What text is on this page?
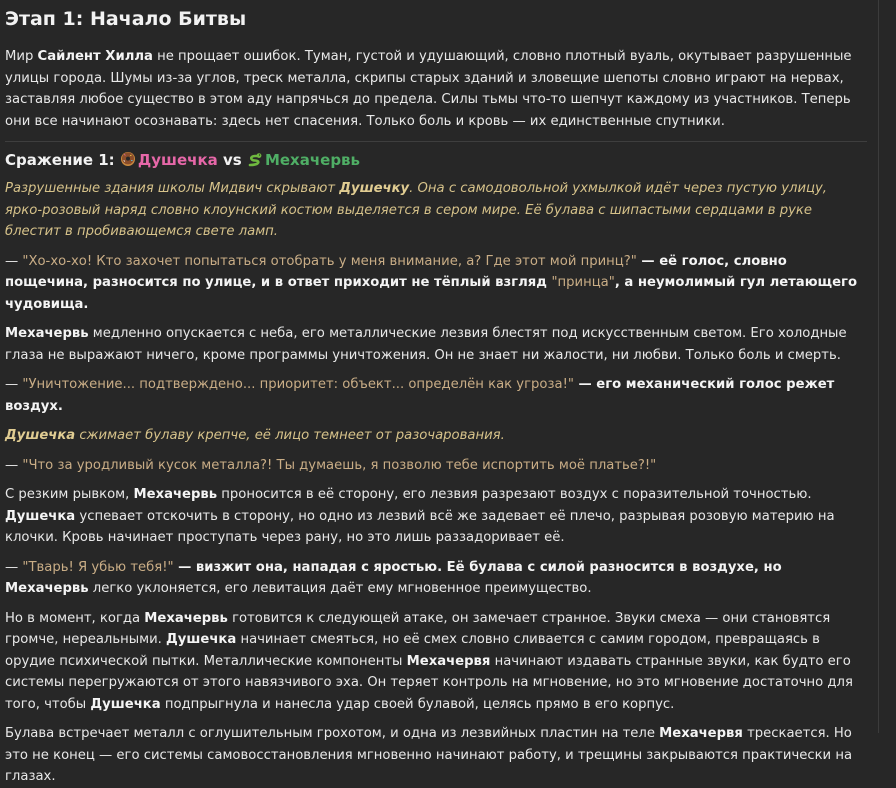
Этап 1: Начало Битвы

Мир Сайлент Хилла не прощает ошибок. Туман, густой и удушающий, словно плотный вуаль, окутывает разрушенные улицы города. Шумы из-за углов, треск металла, скрипы старых зданий и зловещие шепоты словно играют на нервах, заставляя любое существо в этом аду напрячься до предела. Силы тьмы что-то шепчут каждому из участников. Теперь они все начинают осознавать: здесь нет спасения. Только боль и кровь — их единственные спутники.

Сражение 1: Душечка vs Мехачервь

Разрушенные здания школы Мидвич скрывают Душечку. Она с самодовольной ухмылкой идёт через пустую улицу, ярко-розовый наряд словно клоунский костюм выделяется в сером мире. Её булава с шипастыми сердцами в руке блестит в пробивающемся свете ламп.

— "Хо-хо-хо! Кто захочет попытаться отобрать у меня внимание, а? Где этот мой принц?" — её голос, словно пощечина, разносится по улице, и в ответ приходит не тёплый взгляд "принца", а неумолимый гул летающего чудовища.

Мехачервь медленно опускается с неба, его металлические лезвия блестят под искусственным светом. Его холодные глаза не выражают ничего, кроме программы уничтожения. Он не знает ни жалости, ни любви. Только боль и смерть.

— "Уничтожение... подтверждено... приоритет: объект... определён как угроза!" — его механический голос режет воздух.

Душечка сжимает булаву крепче, её лицо темнеет от разочарования.

— "Что за уродливый кусок металла?! Ты думаешь, я позволю тебе испортить моё платье?!"

С резким рывком, Мехачервь проносится в её сторону, его лезвия разрезают воздух с поразительной точностью. Душечка успевает отскочить в сторону, но одно из лезвий всё же задевает её плечо, разрывая розовую материю на клочки. Кровь начинает проступать через рану, но это лишь раззадоривает её.

— "Тварь! Я убью тебя!" — визжит она, нападая с яростью. Её булава с силой разносится в воздухе, но Мехачервь легко уклоняется, его левитация даёт ему мгновенное преимущество.

Но в момент, когда Мехачервь готовится к следующей атаке, он замечает странное. Звуки смеха — они становятся громче, нереальными. Душечка начинает смеяться, но её смех словно сливается с самим городом, превращаясь в орудие психической пытки. Металлические компоненты Мехачервя начинают издавать странные звуки, как будто его системы перегружаются от этого навязчивого эха. Он теряет контроль на мгновение, но это мгновение достаточно для того, чтобы Душечка подпрыгнула и нанесла удар своей булавой, целясь прямо в его корпус.

Булава встречает металл с оглушительным грохотом, и одна из лезвийных пластин на теле Мехачервя трескается. Но это не конец — его системы самовосстановления мгновенно начинают работу, и трещины закрываются практически на глазах.
